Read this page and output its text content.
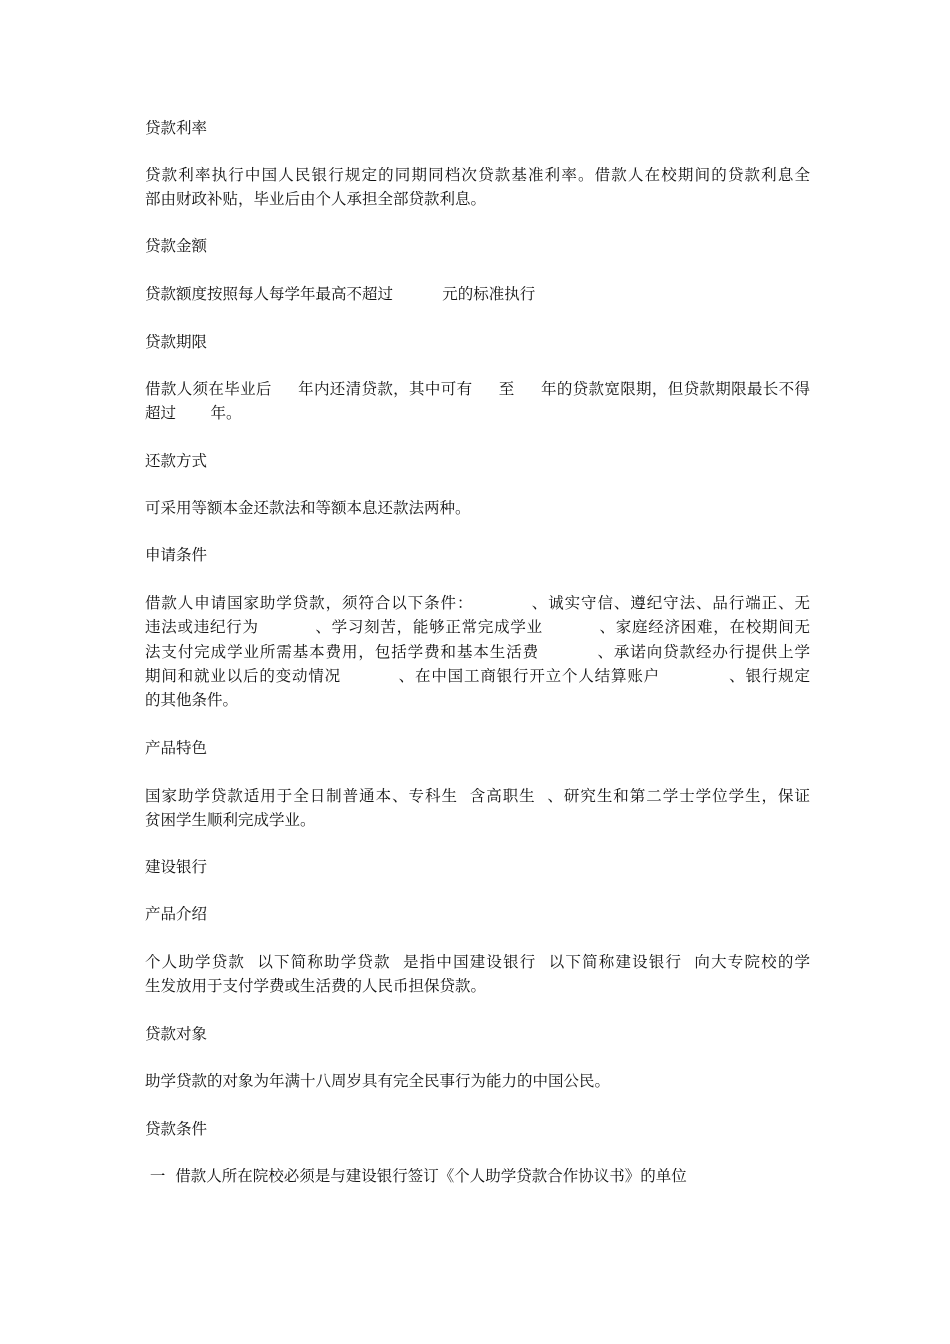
贷款利率
贷款利率执行中国人民银行规定的同期同档次贷款基准利率。借款人在校期间的贷款利息全
部由财政补贴，毕业后由个人承担全部贷款利息。
贷款金额
贷款额度按照每人每学年最高不超过          元的标准执行
贷款期限
借款人须在毕业后     年内还清贷款，其中可有     至     年的贷款宽限期，但贷款期限最长不得
超过       年。
还款方式
可采用等额本金还款法和等额本息还款法两种。
申请条件
借款人申请国家助学贷款，须符合以下条件：          、诚实守信、遵纪守法、品行端正、无
违法或违纪行为          、学习刻苦，能够正常完成学业          、家庭经济困难，在校期间无
法支付完成学业所需基本费用，包括学费和基本生活费          、承诺向贷款经办行提供上学
期间和就业以后的变动情况          、在中国工商银行开立个人结算账户            、银行规定
的其他条件。
产品特色
国家助学贷款适用于全日制普通本、专科生  含高职生  、研究生和第二学士学位学生，保证
贫困学生顺利完成学业。
建设银行
产品介绍
个人助学贷款  以下简称助学贷款  是指中国建设银行  以下简称建设银行  向大专院校的学
生发放用于支付学费或生活费的人民币担保贷款。
贷款对象
助学贷款的对象为年满十八周岁具有完全民事行为能力的中国公民。
贷款条件
一  借款人所在院校必须是与建设银行签订《个人助学贷款合作协议书》的单位
